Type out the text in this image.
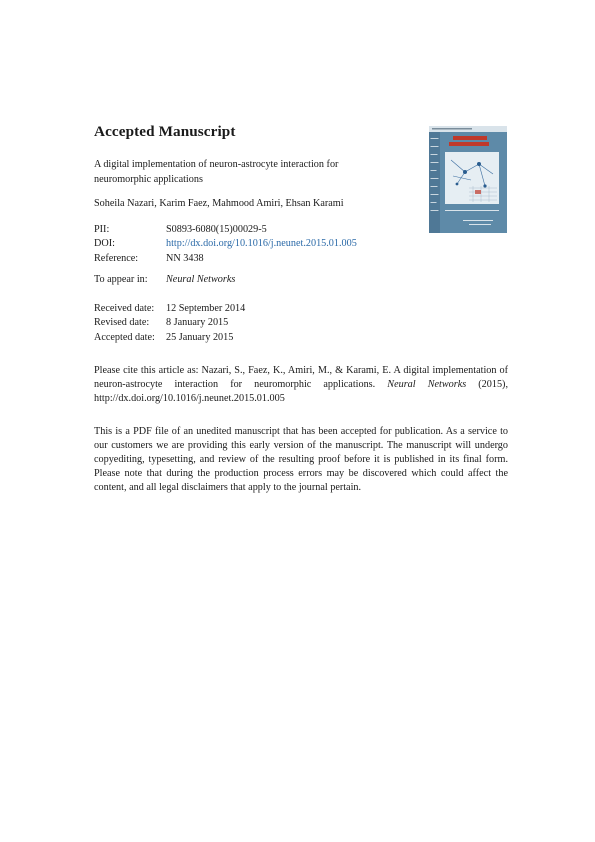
Accepted Manuscript
A digital implementation of neuron-astrocyte interaction for
neuromorphic applications
Soheila Nazari, Karim Faez, Mahmood Amiri, Ehsan Karami
PII:	S0893-6080(15)00029-5
DOI:	http://dx.doi.org/10.1016/j.neunet.2015.01.005
Reference:	NN 3438
To appear in: Neural Networks
Received date: 12 September 2014
Revised date: 8 January 2015
Accepted date: 25 January 2015
Please cite this article as: Nazari, S., Faez, K., Amiri, M., & Karami, E. A digital implementation of neuron-astrocyte interaction for neuromorphic applications. Neural Networks (2015), http://dx.doi.org/10.1016/j.neunet.2015.01.005
This is a PDF file of an unedited manuscript that has been accepted for publication. As a service to our customers we are providing this early version of the manuscript. The manuscript will undergo copyediting, typesetting, and review of the resulting proof before it is published in its final form. Please note that during the production process errors may be discovered which could affect the content, and all legal disclaimers that apply to the journal pertain.
